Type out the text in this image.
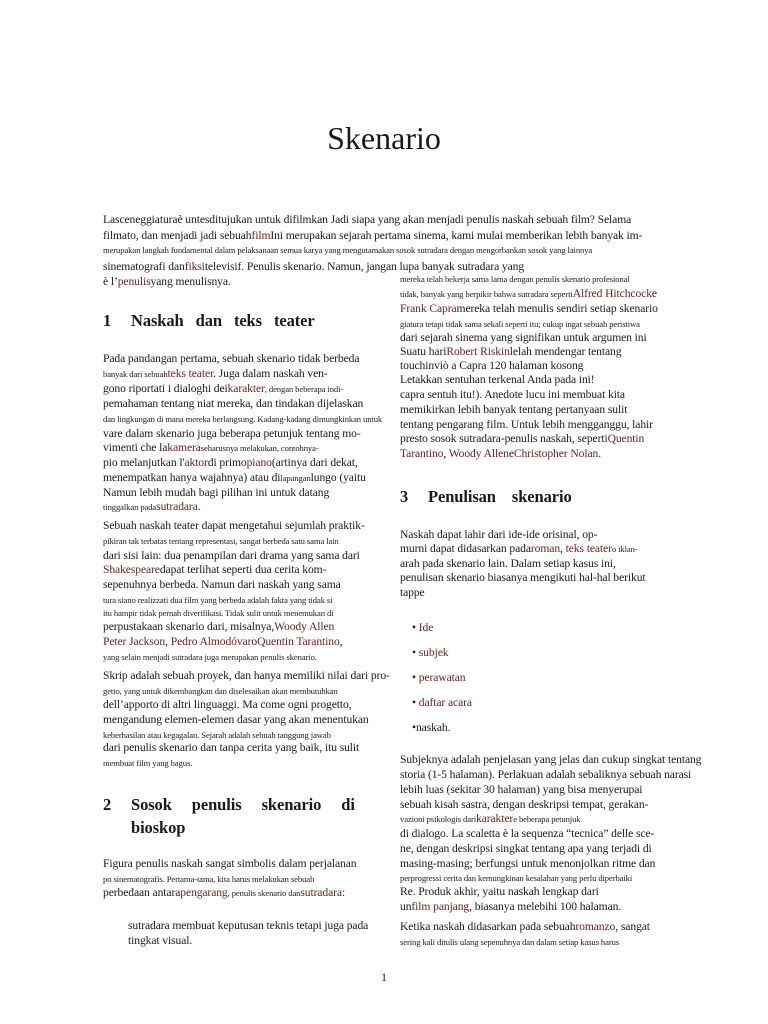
Skenario

Lasceneggiaturaè untesditujukan untuk difilmkan Jadi siapa yang akan menjadi penulis naskah sebuah film? Selama

filmato, dan menjadi jadi sebuahfilmIni merupakan sejarah pertama sinema, kami mulai memberikan lebih banyak im-

merupakan langkah fundamental dalam pelaksanaan semua karya yang mengutamakan sosok sutradara dengan mengorbankan sosok yang lainnya

sinematografi danfiksitelevisif. Penulis skenario. Namun, jangan lupa banyak sutradara yang

è l’penulisyang menulisnya.

1 Naskah dan teks teater
Pada pandangan pertama, sebuah skenario tidak berbeda
banyak dari sebuahteks teater. Juga dalam naskah ven-
gono riportati i dialoghi deikarakter, dengan beberapa indi-
pemahaman tentang niat mereka, dan tindakan dijelaskan
dan lingkungan di mana mereka berlangsung. Kadang-kadang dimungkinkan untuk
vare dalam skenario juga beberapa petunjuk tentang mo-
vimenti che lakameraseharusnya melakukan, contohnya-
pio melanjutkan l'aktordi primopiano(artinya dari dekat,
menempatkan hanya wajahnya) atau dilapanganlungo (yaitu
Namun lebih mudah bagi pilihan ini untuk datang
tinggalkan padasutradara.
Sebuah naskah teater dapat mengetahui sejumlah praktik-
pikiran tak terbatas tentang representasi, sangat berbeda satu sama lain
dari sisi lain: dua penampilan dari drama yang sama dari
Shakespearedapat terlihat seperti dua cerita kom-
sepenuhnya berbeda. Namun dari naskah yang sama
tura siano realizzati dua film yang berbeda adalah fakta yang tidak si
itu hampir tidak pernah diverifikasi. Tidak sulit untuk menemukan di
perpustakaan skenario dari, misalnya,Woody Allen
Peter Jackson, Pedro AlmodóvaroQuentin Tarantino,
yang selain menjadi sutradara juga merupakan penulis skenario.
Skrip adalah sebuah proyek, dan hanya memiliki nilai dari pro-
getto, yang untuk dikembangkan dan diselesaikan akan membutuhkan
dell’apporto di altri linguaggi. Ma come ogni progetto,
mengandung elemen-elemen dasar yang akan menentukan
keberhasilan atau kegagalan. Sejarah adalah sebuah tanggung jawab
dari penulis skenario dan tanpa cerita yang baik, itu sulit
membuat film yang bagus.
2 Sosok penulis skenario di
bioskop
Figura penulis naskah sangat simbolis dalam perjalanan
po sinematografis. Pertama-tama, kita harus melakukan sebuah
perbedaan antarapengarang, penulis skenario dansutradara:
sutradara membuat keputusan teknis tetapi juga pada
tingkat visual.
mereka telah bekerja sama lama dengan penulis skenario profesional
tidak, banyak yang berpikir bahwa sutradara sepertiAlfred Hitchcocke
Frank Capramereka telah menulis sendiri setiap skenario
giatura tetapi tidak sama sekali seperti itu; cukup ingat sebuah peristiwa
dari sejarah sinema yang signifikan untuk argumen ini
Suatu hariRobert Riskinlelah mendengar tentang
touchinviò a Capra 120 halaman kosong
Letakkan sentuhan terkenal Anda pada ini!
capra sentuh itu!). Anedote lucu ini membuat kita
memikirkan lebih banyak tentang pertanyaan sulit
tentang pengarang film. Untuk lebih mengganggu, lahir
presto sosok sutradara-penulis naskah, sepertiQuentin
Tarantino, Woody AlleneChristopher Nolan.
3 Penulisan skenario
Naskah dapat lahir dari ide-ide orisinal, op-
murni dapat didasarkan padaroman, teks teatero iklan-
arah pada skenario lain. Dalam setiap kasus ini,
penulisan skenario biasanya mengikuti hal-hal berikut
tappe
• Ide
• subjek
• perawatan
• daftar acara
•naskah.
Subjeknya adalah penjelasan yang jelas dan cukup singkat tentang
storia (1-5 halaman). Perlakuan adalah sebaliknya sebuah narasi
lebih luas (sekitar 30 halaman) yang bisa menyerupai
sebuah kisah sastra, dengan deskripsi tempat, gerakan-
vazioni psikologis darikaraktere beberapa petunjuk
di dialogo. La scaletta è la sequenza “tecnica” delle sce-
ne, dengan deskripsi singkat tentang apa yang terjadi di
masing-masing; berfungsi untuk menonjolkan ritme dan
perprogressi cerita dan kemungkinan kesalahan yang perlu diperbaiki
Re. Produk akhir, yaitu naskah lengkap dari
unfilm panjang, biasanya melebihi 100 halaman.
Ketika naskah didasarkan pada sebuahromanzo, sangat
sering kali ditulis ulang sepenuhnya dan dalam setiap kasus harus
1
